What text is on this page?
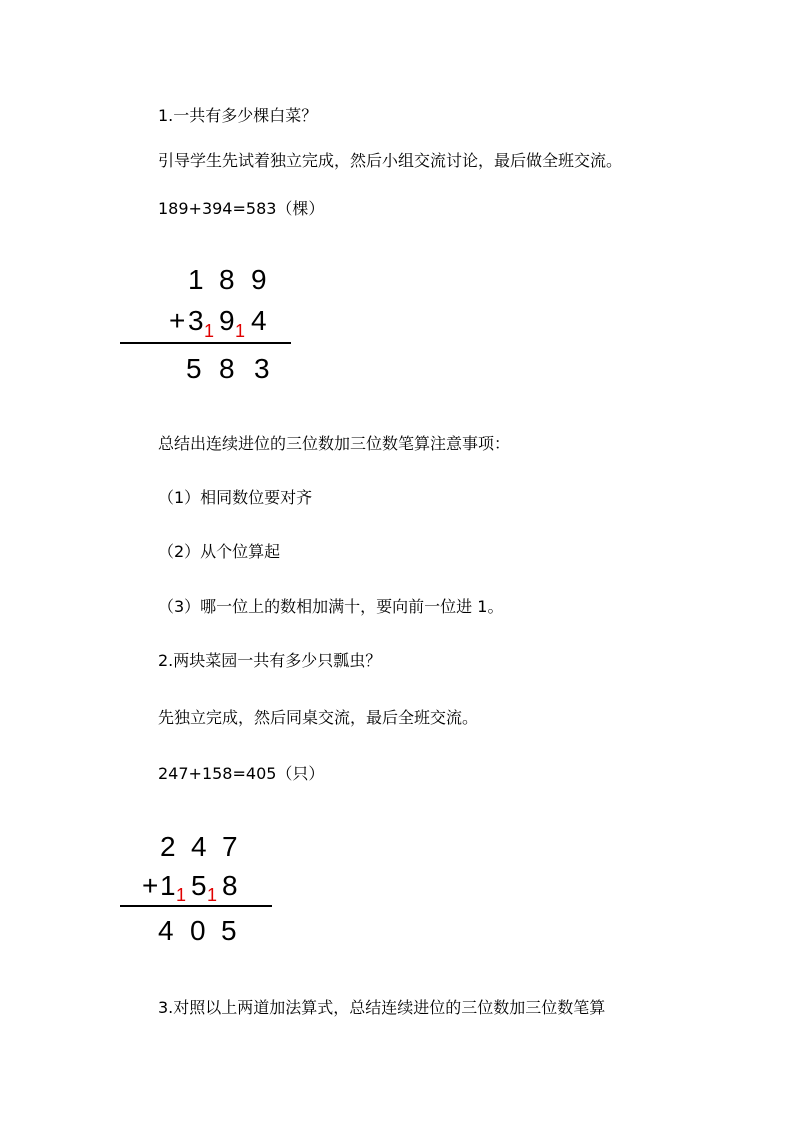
1.一共有多少棵白菜？
引导学生先试着独立完成，然后小组交流讨论，最后做全班交流。
189+394=583（棵）
1 8 9
+ 3 1 9 1 4
5 8 3
总结出连续进位的三位数加三位数笔算注意事项：
（1）相同数位要对齐
（2）从个位算起
（3）哪一位上的数相加满十，要向前一位进 1。
2.两块菜园一共有多少只瓢虫？
先独立完成，然后同桌交流，最后全班交流。
247+158=405（只）
2 4 7
+ 1 1 5 1 8
4 0 5
3.对照以上两道加法算式，总结连续进位的三位数加三位数笔算
